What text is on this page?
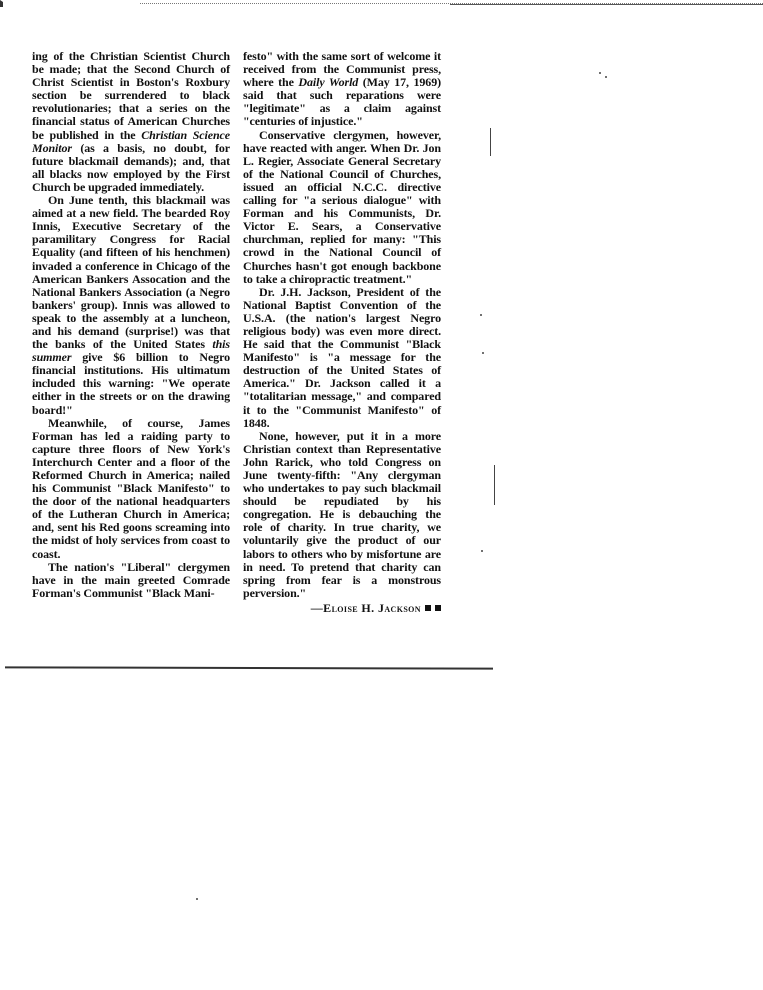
ing of the Christian Scientist Church be made; that the Second Church of Christ Scientist in Boston's Roxbury section be surrendered to black revolutionaries; that a series on the financial status of American Churches be published in the Christian Science Monitor (as a basis, no doubt, for future blackmail demands); and, that all blacks now employed by the First Church be upgraded immediately.

On June tenth, this blackmail was aimed at a new field. The bearded Roy Innis, Executive Secretary of the paramilitary Congress for Racial Equality (and fifteen of his henchmen) invaded a conference in Chicago of the American Bankers Assocation and the National Bankers Association (a Negro bankers' group). Innis was allowed to speak to the assembly at a luncheon, and his demand (surprise!) was that the banks of the United States this summer give $6 billion to Negro financial institutions. His ultimatum included this warning: "We operate either in the streets or on the drawing board!"

Meanwhile, of course, James Forman has led a raiding party to capture three floors of New York's Interchurch Center and a floor of the Reformed Church in America; nailed his Communist "Black Manifesto" to the door of the national headquarters of the Lutheran Church in America; and, sent his Red goons screaming into the midst of holy services from coast to coast.

The nation's "Liberal" clergymen have in the main greeted Comrade Forman's Communist "Black Mani-

festo" with the same sort of welcome it received from the Communist press, where the Daily World (May 17, 1969) said that such reparations were "legitimate" as a claim against "centuries of injustice."

Conservative clergymen, however, have reacted with anger. When Dr. Jon L. Regier, Associate General Secretary of the National Council of Churches, issued an official N.C.C. directive calling for "a serious dialogue" with Forman and his Communists, Dr. Victor E. Sears, a Conservative churchman, replied for many: "This crowd in the National Council of Churches hasn't got enough backbone to take a chiropractic treatment."

Dr. J.H. Jackson, President of the National Baptist Convention of the U.S.A. (the nation's largest Negro religious body) was even more direct. He said that the Communist "Black Manifesto" is "a message for the destruction of the United States of America." Dr. Jackson called it a "totalitarian message," and compared it to the "Communist Manifesto" of 1848.

None, however, put it in a more Christian context than Representative John Rarick, who told Congress on June twenty-fifth: "Any clergyman who undertakes to pay such blackmail should be repudiated by his congregation. He is debauching the role of charity. In true charity, we voluntarily give the product of our labors to others who by misfortune are in need. To pretend that charity can spring from fear is a monstrous perversion."

—Eloise H. Jackson
